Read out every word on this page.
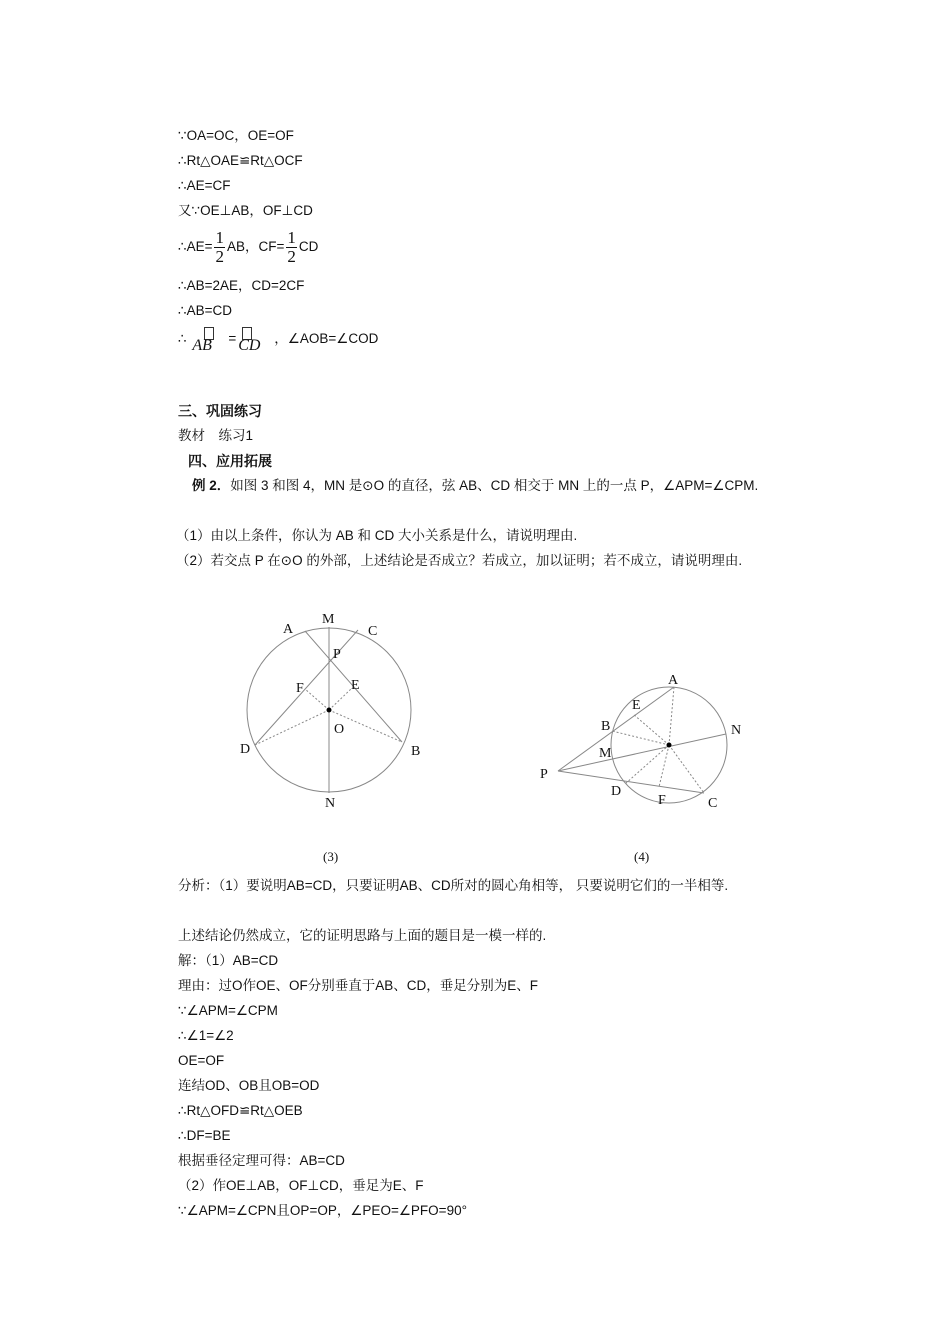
∵OA=OC，OE=OF
∴Rt△OAE≌Rt△OCF
∴AE=CF
又∵OE⊥AB，OF⊥CD
∴AE= $\frac{1}{2}$ AB，$CF= \frac{1}{2}$ CD
∴AB=2AE，CD=2CF
∴AB=CD
∴ AB = CD ，∠AOB=∠COD
三、巩固练习
教材　练习1
四、应用拓展
例 2．如图 3 和图 4，MN 是⊙O 的直径，弦 AB、CD 相交于 MN 上的一点 P，∠APM=∠CPM.
（1）由以上条件，你认为 AB 和 CD 大小关系是什么，请说明理由.
（2）若交点 P 在⊙O 的外部，上述结论是否成立？若成立，加以证明；若不成立，请说明理由.
A
M
C
P
F	E
O
D	B
N
A
E
B	N
M
P
D
F	C
(3)	(4)
分析：（1）要说明AB=CD，只要证明AB、CD所对的圆心角相等， 只要说明它们的一半相等.
上述结论仍然成立，它的证明思路与上面的题目是一模一样的.
解：（1）AB=CD
理由：过O作OE、OF分别垂直于AB、CD，垂足分别为E、F
∵∠APM=∠CPM
∴∠1=∠2
OE=OF
连结OD、OB且OB=OD
∴Rt△OFD≌Rt△OEB
∴DF=BE
根据垂径定理可得：AB=CD
（2）作OE⊥AB，OF⊥CD，垂足为E、F
∵∠APM=∠CPN且OP=OP，∠PEO=∠PFO=90°
